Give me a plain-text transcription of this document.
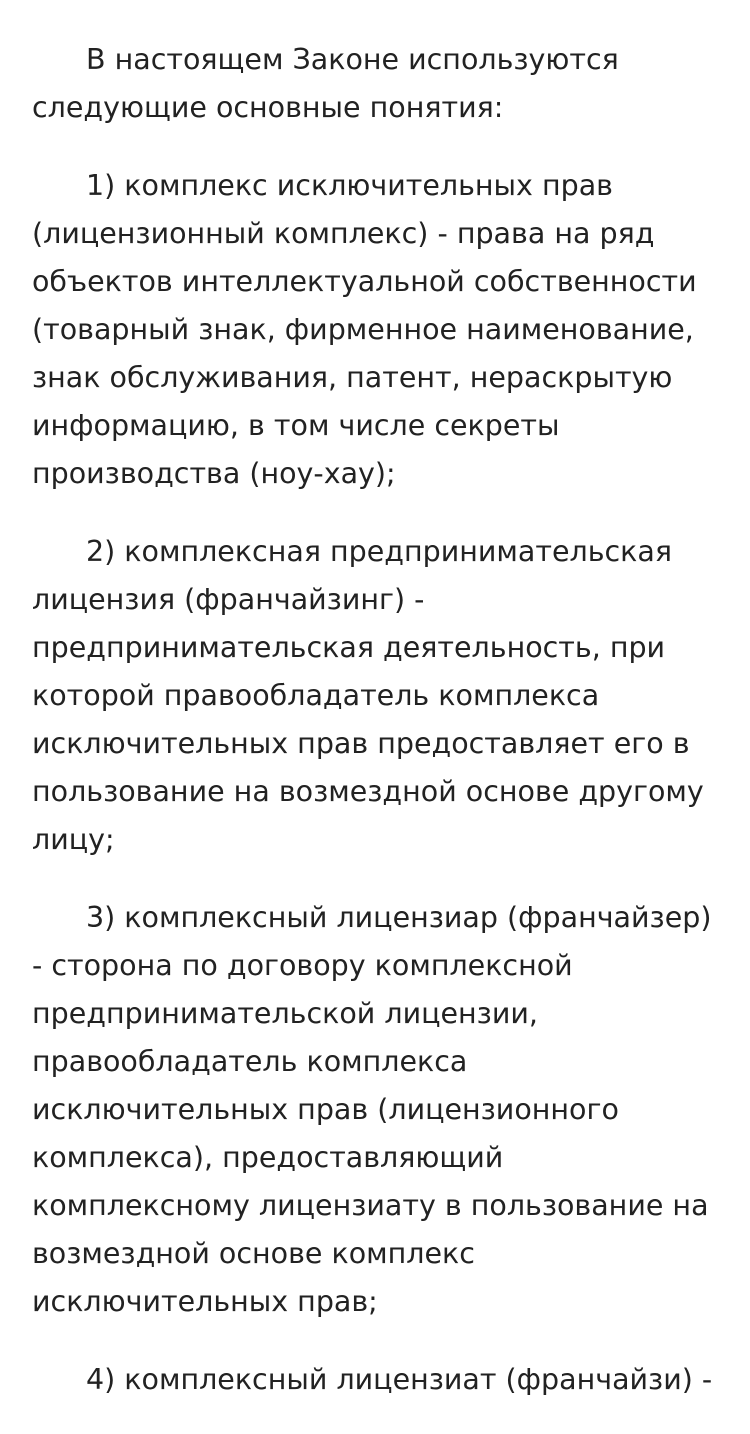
В настоящем Законе используются следующие основные понятия:

1) комплекс исключительных прав (лицензионный комплекс) - права на ряд объектов интеллектуальной собственности (товарный знак, фирменное наименование, знак обслуживания, патент, нераскрытую информацию, в том числе секреты производства (ноу-хау);

2) комплексная предпринимательская лицензия (франчайзинг) - предпринимательская деятельность, при которой правообладатель комплекса исключительных прав предоставляет его в пользование на возмездной основе другому лицу;

3) комплексный лицензиар (франчайзер) - сторона по договору комплексной предпринимательской лицензии, правообладатель комплекса исключительных прав (лицензионного комплекса), предоставляющий комплексному лицензиату в пользование на возмездной основе комплекс исключительных прав;

4) комплексный лицензиат (франчайзи) -
